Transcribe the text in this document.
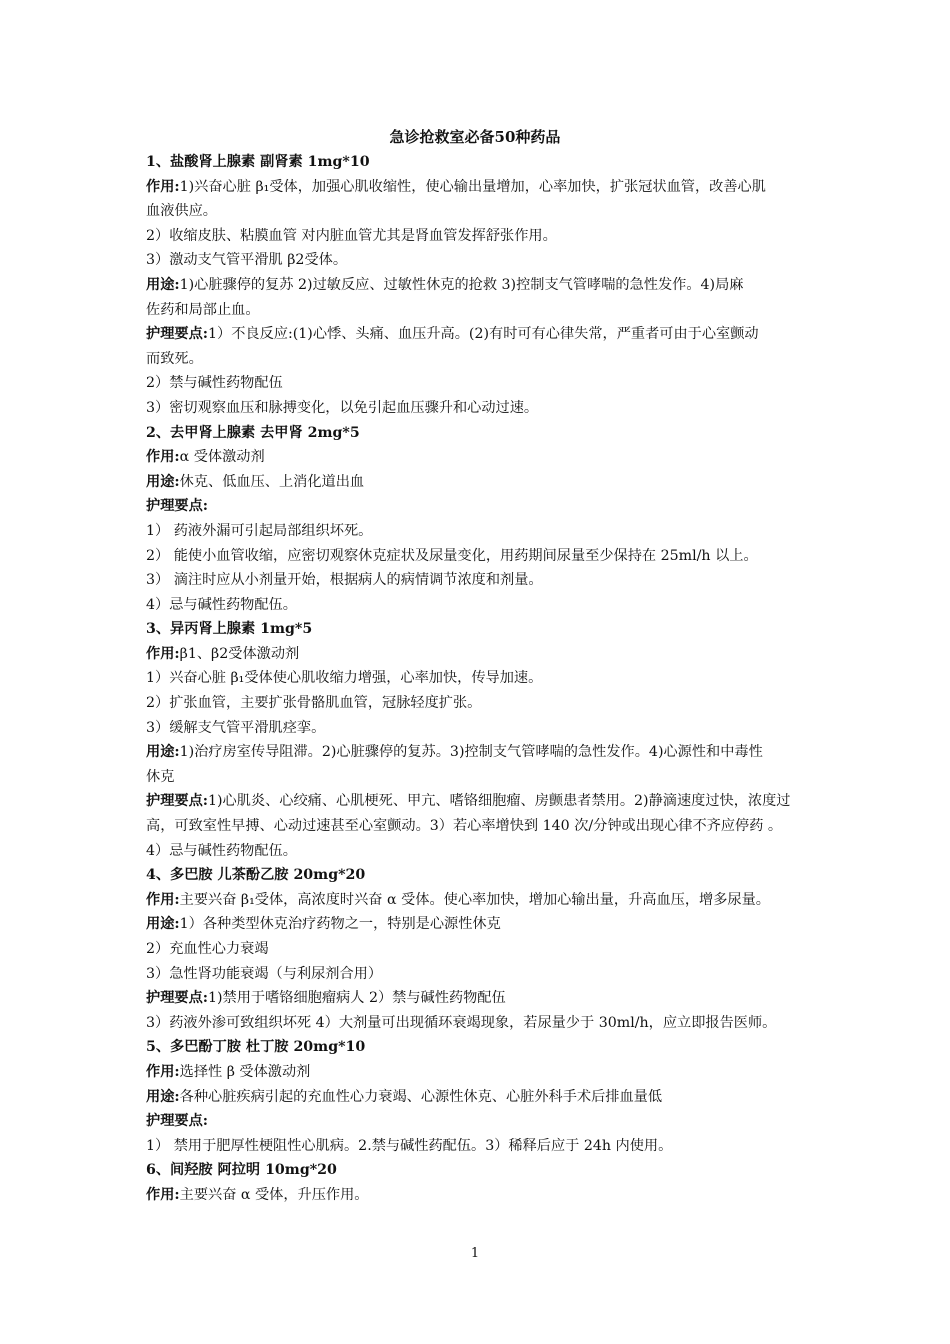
急诊抢救室必备50种药品
1、盐酸肾上腺素 副肾素 1mg*10
作用:1)兴奋心脏 β₁受体，加强心肌收缩性，使心输出量增加，心率加快，扩张冠状血管，改善心肌
血液供应。
2）收缩皮肤、粘膜血管 对内脏血管尤其是肾血管发挥舒张作用。
3）激动支气管平滑肌 β2受体。
用途:1)心脏骤停的复苏 2)过敏反应、过敏性休克的抢救 3)控制支气管哮喘的急性发作。4)局麻
佐药和局部止血。
护理要点:1）不良反应:(1)心悸、头痛、血压升高。(2)有时可有心律失常，严重者可由于心室颤动
而致死。
2）禁与碱性药物配伍
3）密切观察血压和脉搏变化，以免引起血压骤升和心动过速。
2、去甲肾上腺素 去甲肾 2mg*5
作用:α 受体激动剂
用途:休克、低血压、上消化道出血
护理要点:
1） 药液外漏可引起局部组织坏死。
2） 能使小血管收缩，应密切观察休克症状及尿量变化，用药期间尿量至少保持在 25ml/h 以上。
3） 滴注时应从小剂量开始，根据病人的病情调节浓度和剂量。
4）忌与碱性药物配伍。
3、异丙肾上腺素 1mg*5
作用:β1、β2受体激动剂
1）兴奋心脏 β₁受体使心肌收缩力增强，心率加快，传导加速。
2）扩张血管，主要扩张骨骼肌血管，冠脉轻度扩张。
3）缓解支气管平滑肌痉挛。
用途:1)治疗房室传导阻滞。2)心脏骤停的复苏。3)控制支气管哮喘的急性发作。4)心源性和中毒性
休克
护理要点:1)心肌炎、心绞痛、心肌梗死、甲亢、嗜铬细胞瘤、房颤患者禁用。2)静滴速度过快，浓度过
高，可致室性早搏、心动过速甚至心室颤动。3）若心率增快到 140 次/分钟或出现心律不齐应停药 。
4）忌与碱性药物配伍。
4、多巴胺 儿茶酚乙胺 20mg*20
作用:主要兴奋 β₁受体，高浓度时兴奋 α 受体。使心率加快，增加心输出量，升高血压，增多尿量。
用途:1）各种类型休克治疗药物之一，特别是心源性休克
2）充血性心力衰竭
3）急性肾功能衰竭（与利尿剂合用）
护理要点:1)禁用于嗜铬细胞瘤病人 2）禁与碱性药物配伍
3）药液外渗可致组织坏死 4）大剂量可出现循环衰竭现象，若尿量少于 30ml/h，应立即报告医师。
5、多巴酚丁胺 杜丁胺 20mg*10
作用:选择性 β 受体激动剂
用途:各种心脏疾病引起的充血性心力衰竭、心源性休克、心脏外科手术后排血量低
护理要点:
1） 禁用于肥厚性梗阻性心肌病。2.禁与碱性药配伍。3）稀释后应于 24h 内使用。
6、间羟胺 阿拉明 10mg*20
作用:主要兴奋 α 受体，升压作用。
1
